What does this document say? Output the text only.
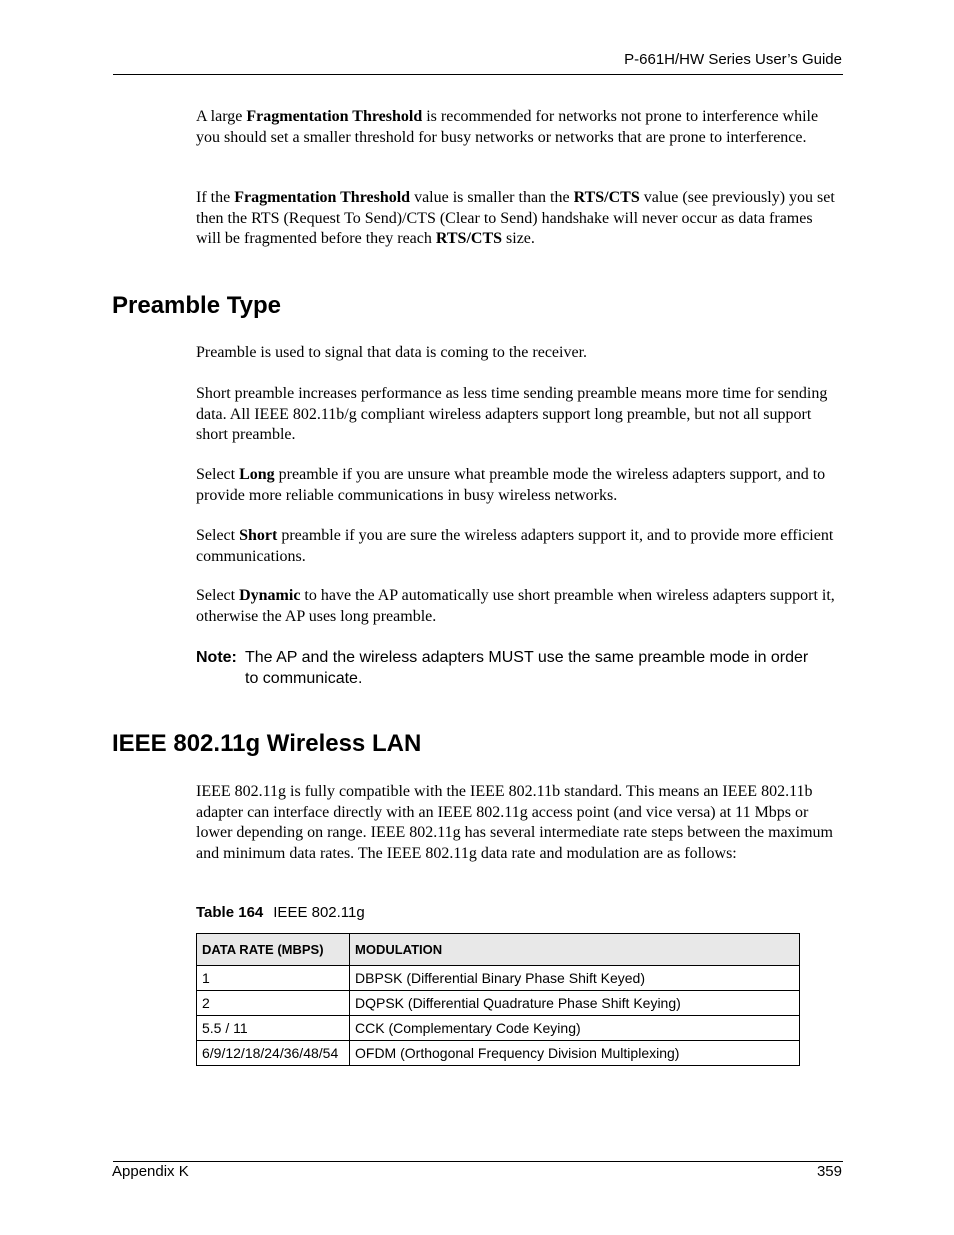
P-661H/HW Series User’s Guide

A large Fragmentation Threshold is recommended for networks not prone to interference while you should set a smaller threshold for busy networks or networks that are prone to interference.

If the Fragmentation Threshold value is smaller than the RTS/CTS value (see previously) you set then the RTS (Request To Send)/CTS (Clear to Send) handshake will never occur as data frames will be fragmented before they reach RTS/CTS size.

Preamble Type

Preamble is used to signal that data is coming to the receiver.

Short preamble increases performance as less time sending preamble means more time for sending data. All IEEE 802.11b/g compliant wireless adapters support long preamble, but not all support short preamble.

Select Long preamble if you are unsure what preamble mode the wireless adapters support, and to provide more reliable communications in busy wireless networks.

Select Short preamble if you are sure the wireless adapters support it, and to provide more efficient communications.

Select Dynamic to have the AP automatically use short preamble when wireless adapters support it, otherwise the AP uses long preamble.

Note: The AP and the wireless adapters MUST use the same preamble mode in order to communicate.
IEEE 802.11g Wireless LAN

IEEE 802.11g is fully compatible with the IEEE 802.11b standard. This means an IEEE 802.11b adapter can interface directly with an IEEE 802.11g access point (and vice versa) at 11 Mbps or lower depending on range. IEEE 802.11g has several intermediate rate steps between the maximum and minimum data rates. The IEEE 802.11g data rate and modulation are as follows:

Table 164 IEEE 802.11g
DATA RATE (MBPS)	MODULATION
1	DBPSK (Differential Binary Phase Shift Keyed)
2	DQPSK (Differential Quadrature Phase Shift Keying)
5.5 / 11	CCK (Complementary Code Keying)
6/9/12/18/24/36/48/54	OFDM (Orthogonal Frequency Division Multiplexing)
Appendix K	359
